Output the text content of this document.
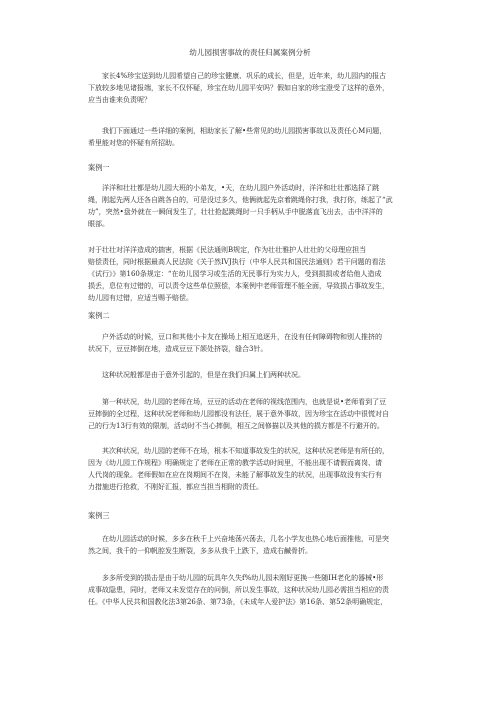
幼儿园损害事故的责任归属案例分析

家长4%珍宝送到幼儿园希望自己的珍宝健康、巩乐的成长，但是，近年来，幼儿园内的报古
下放较多地见诸报端，家长不仅怀疑，珍宝在幼儿园平安吗？假如自家的珍宝澄受了这样的意外，
应当由谁来负责呢？

我们下面通过一些详细的案例，相助家长了解•些常见的幼儿园损害事故以及责任心M问题，
希里能对您的怀疑有所招助。

案例一

洋洋和壮壮都是幼儿园大班的小弟友，•天，在幼儿园户外活动时，洋洋和壮壮都选择了跳
绳，刚起先两人还各自跳各自的，可是没过多久，他俩就起先京着跳绳你打我，我打你，练起了“武
功”，突然•盘外就在一瞬间发生了，壮壮抢起跳绳时一只手柄从手中脱落直飞出去，击中洋洋的
眼部。

对于壮壮对洋洋造成的揣害，根据《民法通则B规定，作为壮壮雅护人壮壮的父母理应担当
赔偿责任，同时根据最高人民法院《关于然IVJ执行（中华人民共和国民法通则》若干问题的看法
《试行》》第160条规定：“在幼儿园学习或生活的无民事行为实力人，受到损损或者给他人造成
损丢，息位有过错的，可以责令这些单位照偿，本案例中老师管理不能全面，导致损占事故发生，
幼儿园有过错，应适当赐予赔偿。

案例二

户外活动的时候，豆口和其他小卡友在操场上相互追逐升，在没有任何障碍物和别人推挤的
状况下，豆豆摔倒在地，造成豆豆下颌处挤裂，缝合3针。

这种状况般都是由于意外引起的，但是在我们归属上们两种状况。

第一种状况，幼儿园的老师在场，豆豆的活动在老师的视线范围内，也就是说•老师看到了豆
豆摔倒的全过程，这种状况老师和幼儿园都没有法任，展于意外事故，因为珍宝在活动中很慌对自
己的行为13行有效的限制，活动时不当心摔倒，相互之间修描以及其他的损方都是不行避开的。

其次种状况，幼儿园的老师不在场，根本不知道事故发生的状况，这种状况老师是有所任的，
因为《幼儿园工作规程》明确规定了老师在正常的教学活动时间里，不能出现不请假而离岗、请
人代岗的现象。老师假如在应在岗期间不在岗，未能了解事故发生的状况，出现事故没有实行有
力措施进行抢救，不刚好汇报，都应当担当相附的责任。

案例三

在幼儿园活动的时候，多多在秋千上兴奋地荡兴荡去，几名小学友也热心地后面推他，可是突
然之间，我千的一仰帆腔发生断裂，多多从我千上跌下，造成右鹹骨折。

多多所受到的损击是由于幼儿园的玩具年久失f%幼儿园未刚好更换一些随IH老化的器械•形
成事故隐患，同时，老师又未发觉存在的问倒，所以发生事故，这种状况幼儿园必需担当相应的责
任。《中华人民共和国教化法3第26条、第73条，《未成年人爱护法》第16条、第52条明确规定，
